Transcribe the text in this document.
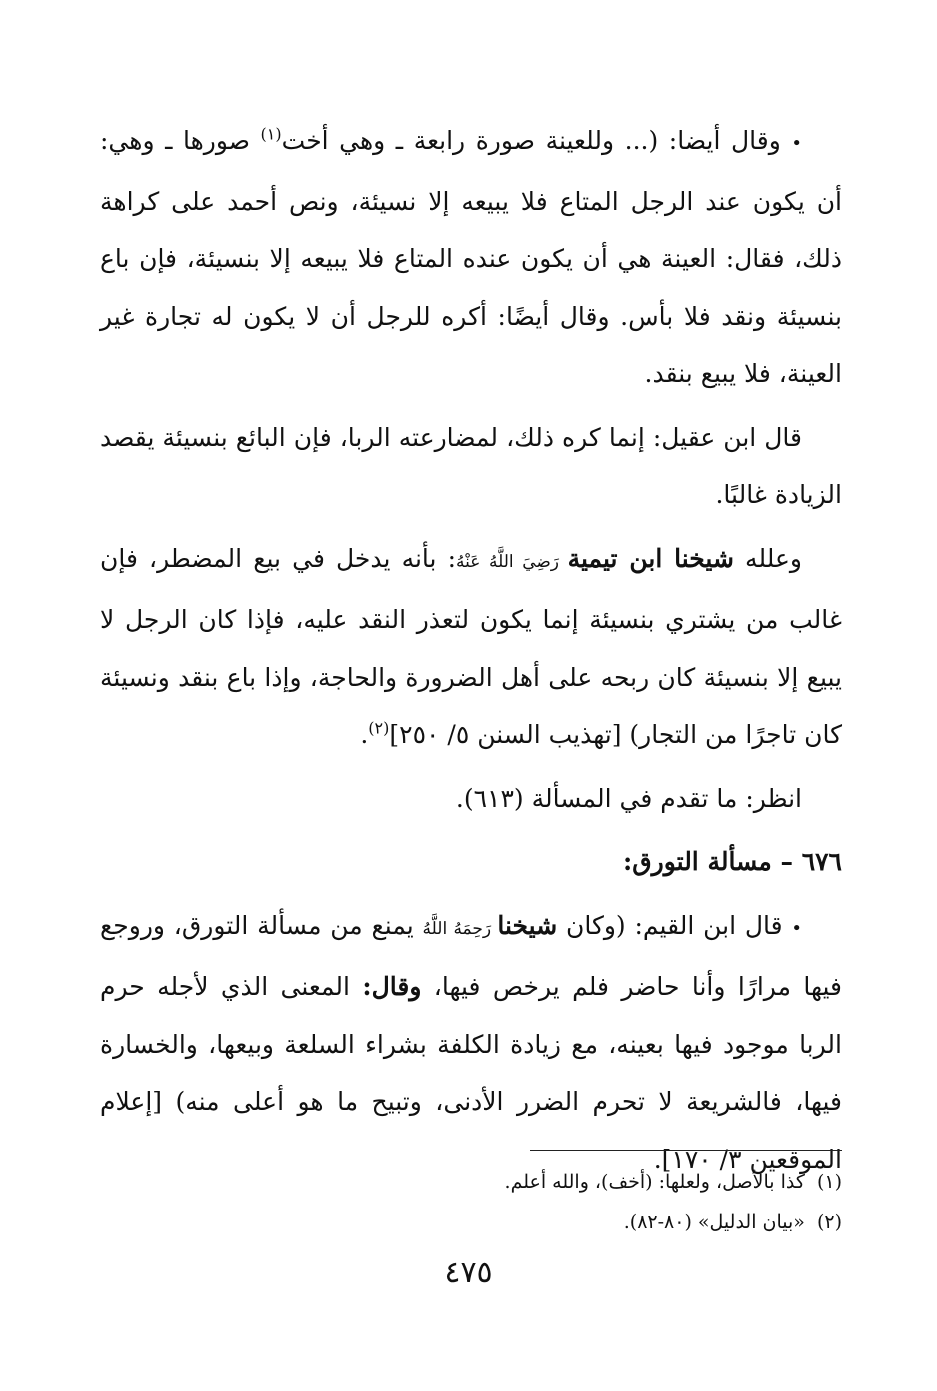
• وقال أيضا: (... وللعينة صورة رابعة ـ وهي أخت$^{(١)}$ صورها ـ وهي: أن يكون عند الرجل المتاع فلا يبيعه إلا نسيئة، ونص أحمد على كراهة ذلك، فقال: العينة هي أن يكون عنده المتاع فلا يبيعه إلا بنسيئة، فإن باع بنسيئة ونقد فلا بأس. وقال أيضًا: أكره للرجل أن لا يكون له تجارة غير العينة، فلا يبيع بنقد.

قال ابن عقيل: إنما كره ذلك، لمضارعته الربا، فإن البائع بنسيئة يقصد الزيادة غالبًا.

وعلله شيخنا ابن تيمية رَضِيَ اللَّهُ عَنْهُ: بأنه يدخل في بيع المضطر، فإن غالب من يشتري بنسيئة إنما يكون لتعذر النقد عليه، فإذا كان الرجل لا يبيع إلا بنسيئة كان ربحه على أهل الضرورة والحاجة، وإذا باع بنقد ونسيئة كان تاجرًا من التجار) [تهذيب السنن ٥/ ٢٥٠]$^{(٢)}$.

انظر: ما تقدم في المسألة (٦١٣).

٦٧٦ – مسألة التورق:

• قال ابن القيم: (وكان شيخنا رَحِمَهُ اللَّهُ يمنع من مسألة التورق، وروجع فيها مرارًا وأنا حاضر فلم يرخص فيها، وقال: المعنى الذي لأجله حرم الربا موجود فيها بعينه، مع زيادة الكلفة بشراء السلعة وبيعها، والخسارة فيها، فالشريعة لا تحرم الضرر الأدنى، وتبيح ما هو أعلى منه) [إعلام الموقعين ٣/ ١٧٠].

(١)كذا بالأصل، ولعلها: (أخف)، والله أعلم.

(٢)«بيان الدليل» (٨٠-٨٢).

٤٧٥
